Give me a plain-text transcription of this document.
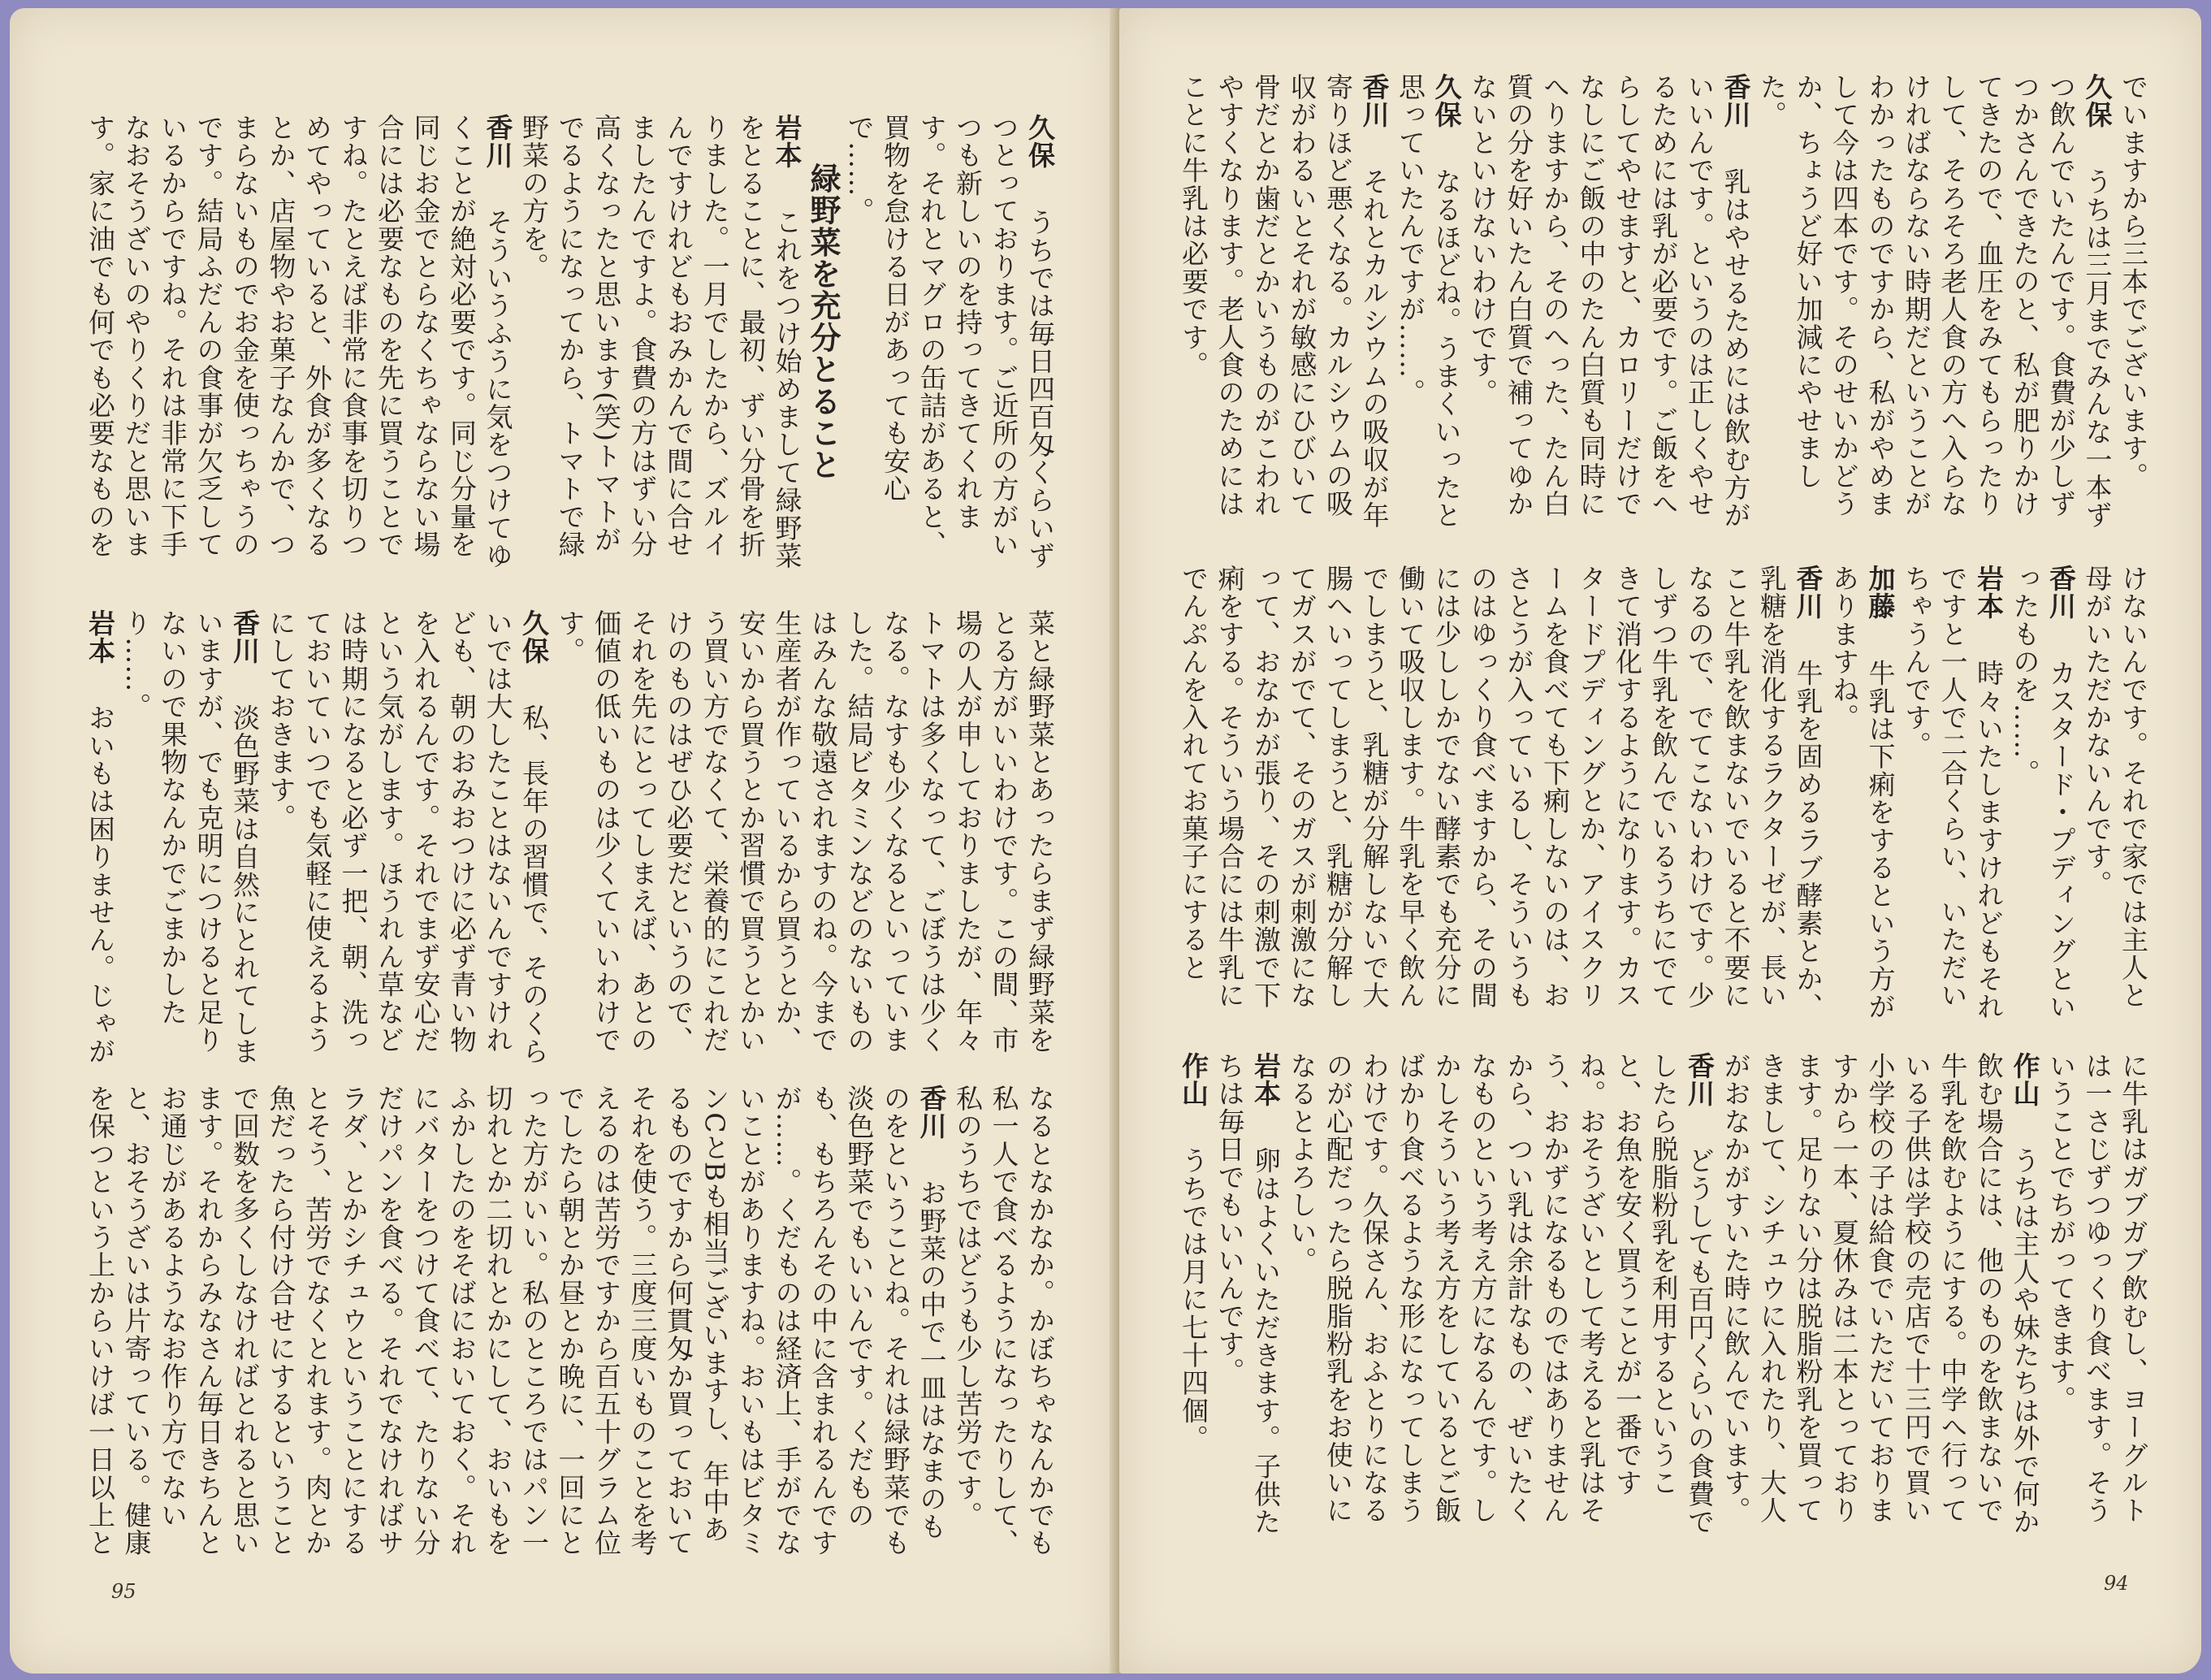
久保　うちでは毎日四百匁くらいずつとっております。ご近所の方がいつも新しいのを持ってきてくれます。それとマグロの缶詰があると、買物を怠ける日があっても安心で……。

緑野菜を充分とること

岩本　これをつけ始めまして緑野菜をとることに、最初、ずい分骨を折りました。一月でしたから、ズルイんですけれどもおみかんで間に合せましたんですよ。食費の方はずい分高くなったと思います(笑)トマトがでるようになってから、トマトで緑野菜の方を。

香川　そういうふうに気をつけてゆくことが絶対必要です。同じ分量を同じお金でとらなくちゃならない場合には必要なものを先に買うことですね。たとえば非常に食事を切りつめてやっていると、外食が多くなるとか、店屋物やお菓子なんかで、つまらないものでお金を使っちゃうのです。結局ふだんの食事が欠乏しているからですね。それは非常に下手なおそうざいのやりくりだと思います。家に油でも何でも必要なものを

菜と緑野菜とあったらまず緑野菜をとる方がいいわけです。この間、市場の人が申しておりましたが、年々トマトは多くなって、ごぼうは少くなる。なすも少くなるといっていました。結局ビタミンなどのないものはみんな敬遠されますのね。今まで生産者が作っているから買うとか、安いから買うとか習慣で買うとかいう買い方でなくて、栄養的にこれだけのものはぜひ必要だというので、それを先にとってしまえば、あとの価値の低いものは少くていいわけです。

久保　私、長年の習慣で、そのくらいでは大したことはないんですけれども、朝のおみおつけに必ず青い物を入れるんです。それでまず安心だという気がします。ほうれん草などは時期になると必ず一把、朝、洗っておいていつでも気軽に使えるようにしておきます。

香川　淡色野菜は自然にとれてしまいますが、でも克明につけると足りないので果物なんかでごまかしたり……。

岩本　おいもは困りません。じゃが

なるとなかなか。かぼちゃなんかでも私一人で食べるようになったりして、私のうちではどうも少し苦労です。

香川　お野菜の中で一皿はなまのものをということね。それは緑野菜でも淡色野菜でもいいんです。くだものも、もちろんその中に含まれるんですが……。くだものは経済上、手がでないことがありますね。おいもはビタミンCとBも相当ございますし、年中あるものですから何貫匁か買っておいてそれを使う。三度三度いものことを考えるのは苦労ですから百五十グラム位でしたら朝とか昼とか晩に、一回にとった方がいい。私のところではパン一切れとか二切れとかにして、おいもをふかしたのをそばにおいておく。それにバターをつけて食べて、たりない分だけパンを食べる。それでなければサラダ、とかシチュウということにするとそう、苦労でなくとれます。肉とか魚だったら付け合せにするということで回数を多くしなければとれると思います。それからみなさん毎日きちんとお通じがあるようなお作り方でないと、おそうざいは片寄っている。健康を保つという上からいけば一日以上と

95

でいますから三本でございます。

久保　うちは三月までみんな一本ずつ飲んでいたんです。食費が少しずつかさんできたのと、私が肥りかけてきたので、血圧をみてもらったりして、そろそろ老人食の方へ入らなければならない時期だということがわかったものですから、私がやめまして今は四本です。そのせいかどうか、ちょうど好い加減にやせました。

香川　乳はやせるためには飲む方がいいんです。というのは正しくやせるためには乳が必要です。ご飯をへらしてやせますと、カロリーだけでなしにご飯の中のたん白質も同時にへりますから、そのへった、たん白質の分を好いたん白質で補ってゆかないといけないわけです。

久保　なるほどね。うまくいったと思っていたんですが……。

香川　それとカルシウムの吸収が年寄りほど悪くなる。カルシウムの吸収がわるいとそれが敏感にひびいて骨だとか歯だとかいうものがこわれやすくなります。老人食のためにはことに牛乳は必要です。

けないんです。それで家では主人と母がいただかないんです。

香川　カスタード・プディングといったものを……。

岩本　時々いたしますけれどもそれですと一人で二合くらい、いただいちゃうんです。

加藤　牛乳は下痢をするという方がありますね。

香川　牛乳を固めるラブ酵素とか、乳糖を消化するラクターゼが、長いこと牛乳を飲まないでいると不要になるので、でてこないわけです。少しずつ牛乳を飲んでいるうちにでてきて消化するようになります。カスタードプディングとか、アイスクリームを食べても下痢しないのは、おさとうが入っているし、そういうものはゆっくり食べますから、その間には少ししかでない酵素でも充分に働いて吸収します。牛乳を早く飲んでしまうと、乳糖が分解しないで大腸へいってしまうと、乳糖が分解してガスがでて、そのガスが刺激になって、おなかが張り、その刺激で下痢をする。そういう場合には牛乳にでんぷんを入れてお菓子にすると

に牛乳はガブガブ飲むし、ヨーグルトは一さじずつゆっくり食べます。そういうことでちがってきます。

作山　うちは主人や妹たちは外で何か飲む場合には、他のものを飲まないで牛乳を飲むようにする。中学へ行っている子供は学校の売店で十三円で買い小学校の子は給食でいただいておりますから一本、夏休みは二本とっております。足りない分は脱脂粉乳を買ってきまして、シチュウに入れたり、大人がおなかがすいた時に飲んでいます。

香川　どうしても百円くらいの食費でしたら脱脂粉乳を利用するということ、お魚を安く買うことが一番ですね。おそうざいとして考えると乳はそう、おかずになるものではありませんから、つい乳は余計なもの、ぜいたくなものという考え方になるんです。しかしそういう考え方をしているとご飯ばかり食べるような形になってしまうわけです。久保さん、おふとりになるのが心配だったら脱脂粉乳をお使いになるとよろしい。

岩本　卵はよくいただきます。子供たちは毎日でもいいんです。

作山　うちでは月に七十四個。

94
